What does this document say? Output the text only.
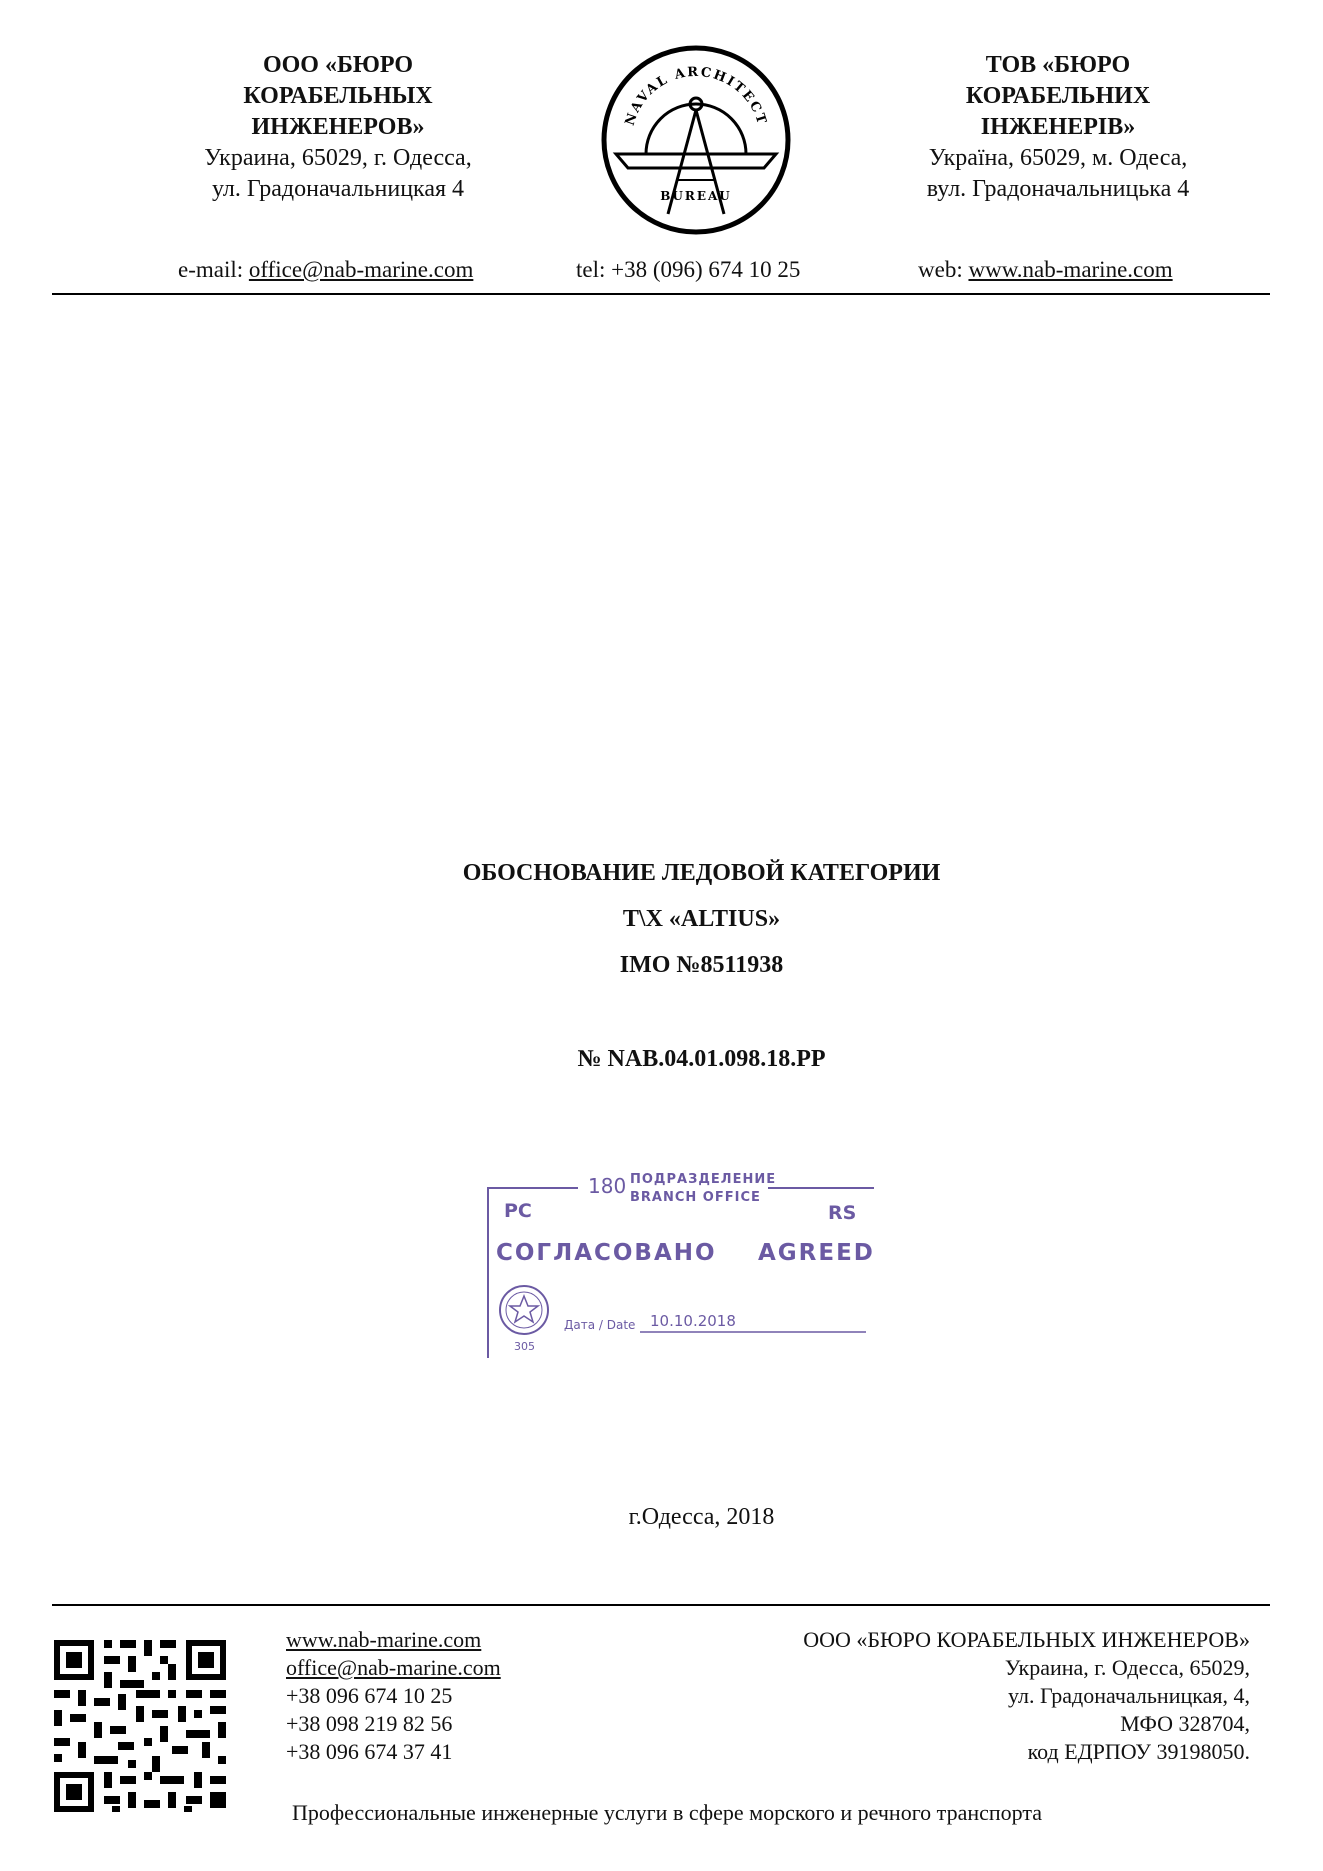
ООО «БЮРО
КОРАБЕЛЬНЫХ
ИНЖЕНЕРОВ»
Украина, 65029, г. Одесса,
ул. Градоначальницкая 4
NAVAL ARCHITECT
BUREAU
ТОВ «БЮРО
КОРАБЕЛЬНИХ
ІНЖЕНЕРІВ»
Україна, 65029, м. Одеса,
вул. Градоначальницька 4
e-mail: office@nab-marine.com	tel: +38 (096) 674 10 25	web: www.nab-marine.com
ОБОСНОВАНИЕ ЛЕДОВОЙ КАТЕГОРИИ
Т\Х «ALTIUS»
IMO №8511938
№ NAB.04.01.098.18.PP
180 ПОДРАЗДЕЛЕНИЕ
BRANCH OFFICE
PC	RS
СОГЛАСОВАНО AGREED
Дата / Date 10.10.2018
305
г.Одесса, 2018
www.nab-marine.com
office@nab-marine.com
+38 096 674 10 25
+38 098 219 82 56
+38 096 674 37 41
ООО «БЮРО КОРАБЕЛЬНЫХ ИНЖЕНЕРОВ»
Украина, г. Одесса, 65029,
ул. Градоначальницкая, 4,
МФО 328704,
код ЕДРПОУ 39198050.
Профессиональные инженерные услуги в сфере морского и речного транспорта
